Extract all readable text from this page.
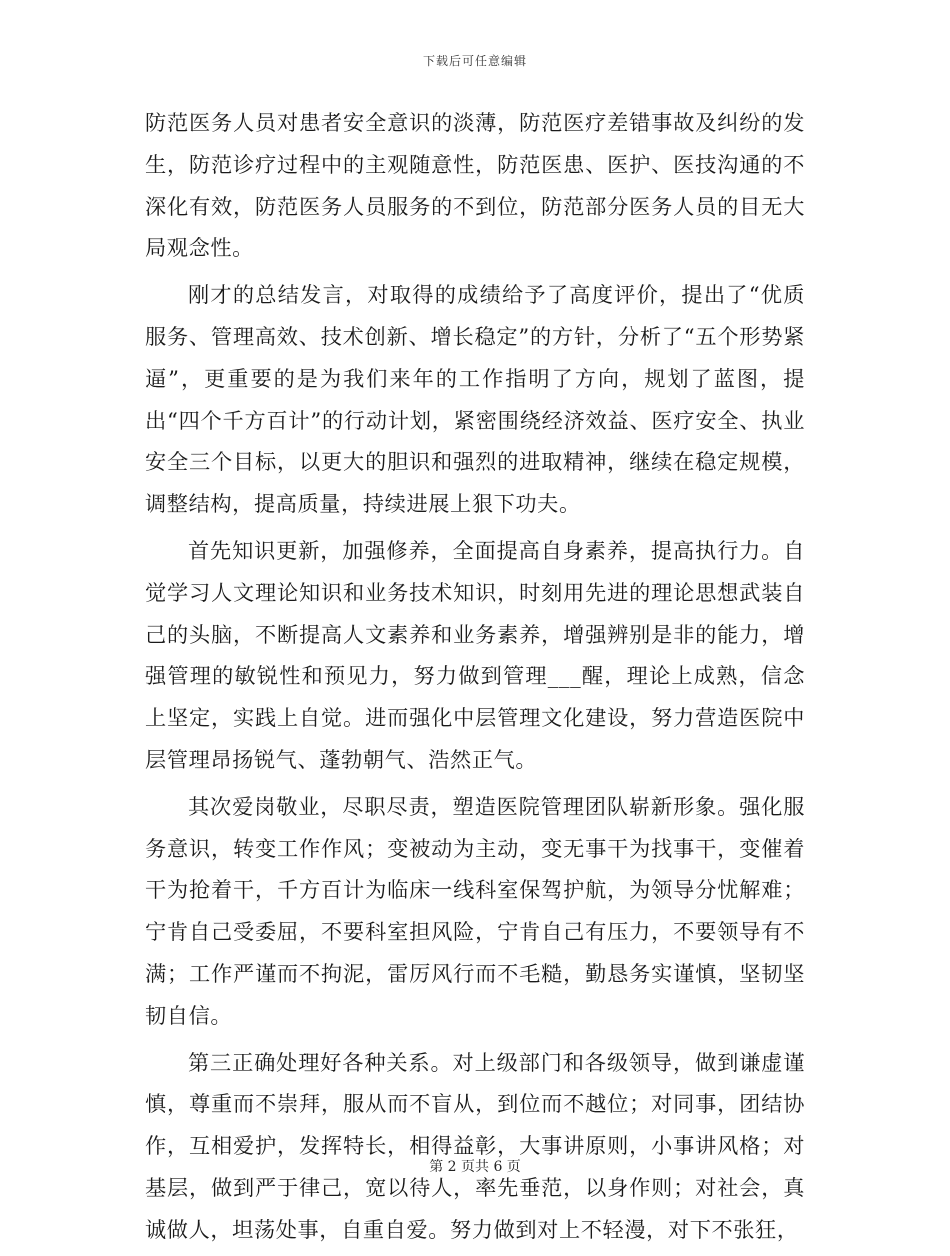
下载后可任意编辑

防范医务人员对患者安全意识的淡薄，防范医疗差错事故及纠纷的发生，防范诊疗过程中的主观随意性，防范医患、医护、医技沟通的不深化有效，防范医务人员服务的不到位，防范部分医务人员的目无大局观念性。

刚才的总结发言，对取得的成绩给予了高度评价，提出了“优质服务、管理高效、技术创新、增长稳定”的方针，分析了“五个形势紧逼”，更重要的是为我们来年的工作指明了方向，规划了蓝图，提出“四个千方百计”的行动计划，紧密围绕经济效益、医疗安全、执业安全三个目标，以更大的胆识和强烈的进取精神，继续在稳定规模，调整结构，提高质量，持续进展上狠下功夫。

首先知识更新，加强修养，全面提高自身素养，提高执行力。自觉学习人文理论知识和业务技术知识，时刻用先进的理论思想武装自己的头脑，不断提高人文素养和业务素养，增强辨别是非的能力，增强管理的敏锐性和预见力，努力做到管理___醒，理论上成熟，信念上坚定，实践上自觉。进而强化中层管理文化建设，努力营造医院中层管理昂扬锐气、蓬勃朝气、浩然正气。

其次爱岗敬业，尽职尽责，塑造医院管理团队崭新形象。强化服务意识，转变工作作风；变被动为主动，变无事干为找事干，变催着干为抢着干，千方百计为临床一线科室保驾护航，为领导分忧解难；宁肯自己受委屈，不要科室担风险，宁肯自己有压力，不要领导有不满；工作严谨而不拘泥，雷厉风行而不毛糙，勤恳务实谨慎，坚韧坚韧自信。

第三正确处理好各种关系。对上级部门和各级领导，做到谦虚谨慎，尊重而不崇拜，服从而不盲从，到位而不越位；对同事，团结协作，互相爱护，发挥特长，相得益彰，大事讲原则，小事讲风格；对基层，做到严于律己，宽以待人，率先垂范，以身作则；对社会，真诚做人，坦荡处事，自重自爱。努力做到对上不轻漫，对下不张狂，

第 2 页共 6 页
